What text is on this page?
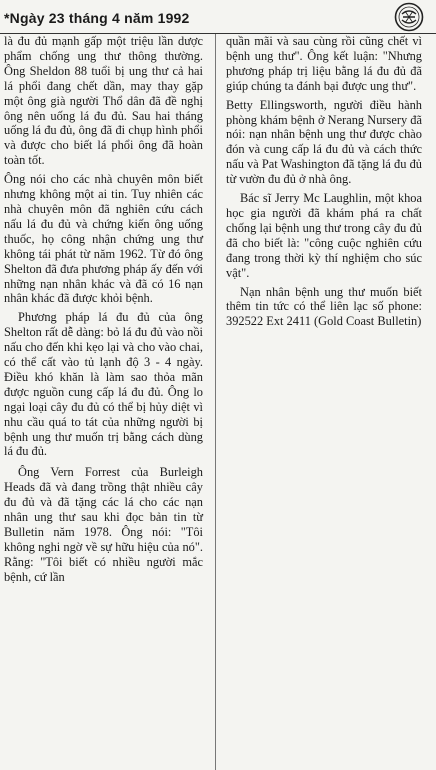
*Ngày 23 tháng 4 năm 1992

là đu đủ mạnh gấp một triệu lần dược phẩm chống ung thư thông thường. Ông Sheldon 88 tuổi bị ung thư cả hai lá phổi đang chết dần, may thay gặp một ông già người Thổ dân đã đề nghị ông nên uống lá đu đủ. Sau hai tháng uống lá đu đủ, ông đã đi chụp hình phổi và được cho biết lá phổi ông đã hoàn toàn tốt.

Ông nói cho các nhà chuyên môn biết nhưng không một ai tin. Tuy nhiên các nhà chuyên môn đã nghiên cứu cách nấu lá đu đủ và chứng kiến ông uống thuốc, họ công nhận chứng ung thư không tái phát từ năm 1962. Từ đó ông Shelton đã đưa phương pháp ấy đến với những nạn nhân khác và đã có 16 nạn nhân khác đã được khỏi bệnh.

Phương pháp lá đu đủ của ông Shelton rất dễ dàng: bỏ lá đu đủ vào nồi nấu cho đến khi kẹo lại và cho vào chai, có thể cất vào tủ lạnh độ 3 - 4 ngày. Điều khó khăn là làm sao thỏa mãn được nguồn cung cấp lá đu đủ. Ông lo ngại loại cây đu đủ có thể bị hủy diệt vì nhu cầu quá to tát của những người bị bệnh ung thư muốn trị bằng cách dùng lá đu đủ.

Ông Vern Forrest của Burleigh Heads đã và đang trồng thật nhiều cây đu đủ và đã tặng các lá cho các nạn nhân ung thư sau khi đọc bản tin từ Bulletin năm 1978. Ông nói: "Tôi không nghi ngờ về sự hữu hiệu của nó". Rằng: "Tôi biết có nhiều người mắc bệnh, cứ lần

quần mãi và sau cùng rồi cũng chết vì bệnh ung thư". Ông kết luận: "Nhưng phương pháp trị liệu bằng lá đu đủ đã giúp chúng ta đánh bại được ung thư".

Betty Ellingsworth, người điều hành phòng khám bệnh ở Nerang Nursery đã nói: nạn nhân bệnh ung thư được chào đón và cung cấp lá đu đủ và cách thức nấu và Pat Washington đã tặng lá đu đủ từ vườn đu đủ ở nhà ông.

Bác sĩ Jerry Mc Laughlin, một khoa học gia người đã khám phá ra chất chống lại bệnh ung thư trong cây đu đủ đã cho biết là: "công cuộc nghiên cứu đang trong thời kỳ thí nghiệm cho súc vật".

Nạn nhân bệnh ung thư muốn biết thêm tin tức có thể liên lạc số phone: 392522 Ext 2411 (Gold Coast Bulletin)
